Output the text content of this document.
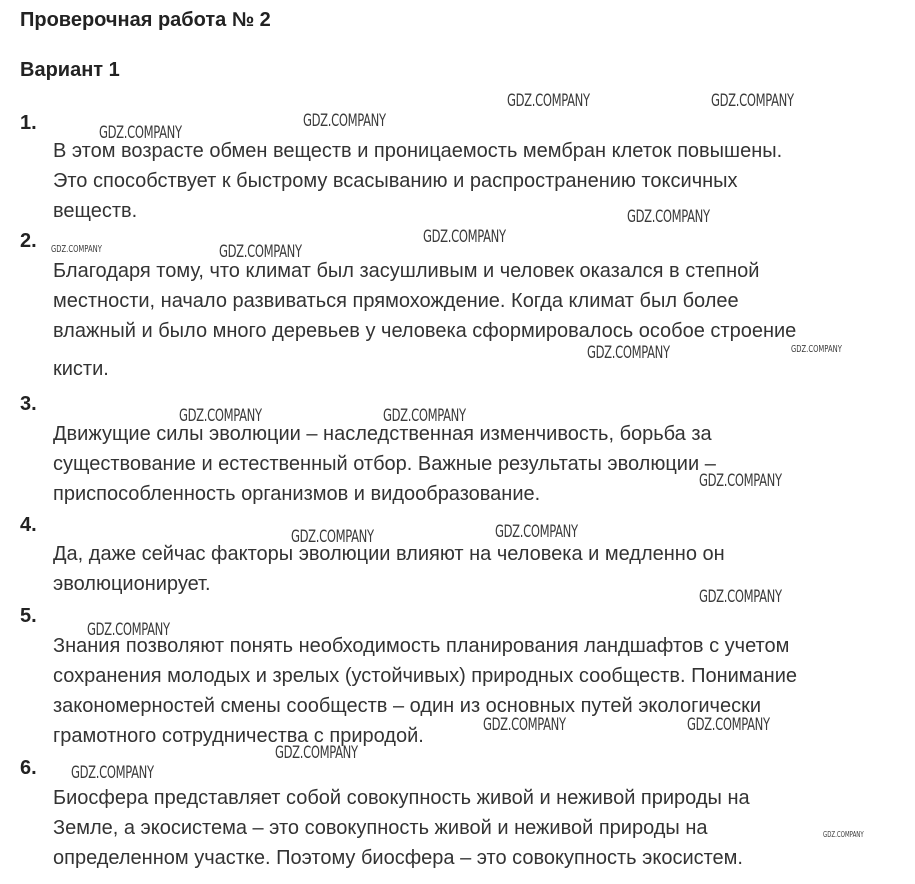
Проверочная работа № 2
Вариант 1
1.
В этом возрасте обмен веществ и проницаемость мембран клеток повышены.
Это способствует к быстрому всасыванию и распространению токсичных
веществ.
2.
Благодаря тому, что климат был засушливым и человек оказался в степной
местности, начало развиваться прямохождение. Когда климат был более
влажный и было много деревьев у человека сформировалось особое строение
кисти.
3.
Движущие силы эволюции – наследственная изменчивость, борьба за
существование и естественный отбор. Важные результаты эволюции –
приспособленность организмов и видообразование.
4.
Да, даже сейчас факторы эволюции влияют на человека и медленно он
эволюционирует.
5.
Знания позволяют понять необходимость планирования ландшафтов с учетом
сохранения молодых и зрелых (устойчивых) природных сообществ. Понимание
закономерностей смены сообществ – один из основных путей экологически
грамотного сотрудничества с природой.
6.
Биосфера представляет собой совокупность живой и неживой природы на
Земле, а экосистема – это совокупность живой и неживой природы на
определенном участке. Поэтому биосфера – это совокупность экосистем.
GDZ.COMPANY	GDZ.COMPANY
GDZ.COMPANY
GDZ.COMPANY
GDZ.COMPANY
GDZ.COMPANY
GDZ.COMPANY	GDZ.COMPANY
GDZ.COMPANY	GDZ.COMPANY
GDZ.COMPANY	GDZ.COMPANY
GDZ.COMPANY
GDZ.COMPANY
GDZ.COMPANY
GDZ.COMPANY
GDZ.COMPANY
GDZ.COMPANY	GDZ.COMPANY
GDZ.COMPANY
GDZ.COMPANY
GDZ.COMPANY
